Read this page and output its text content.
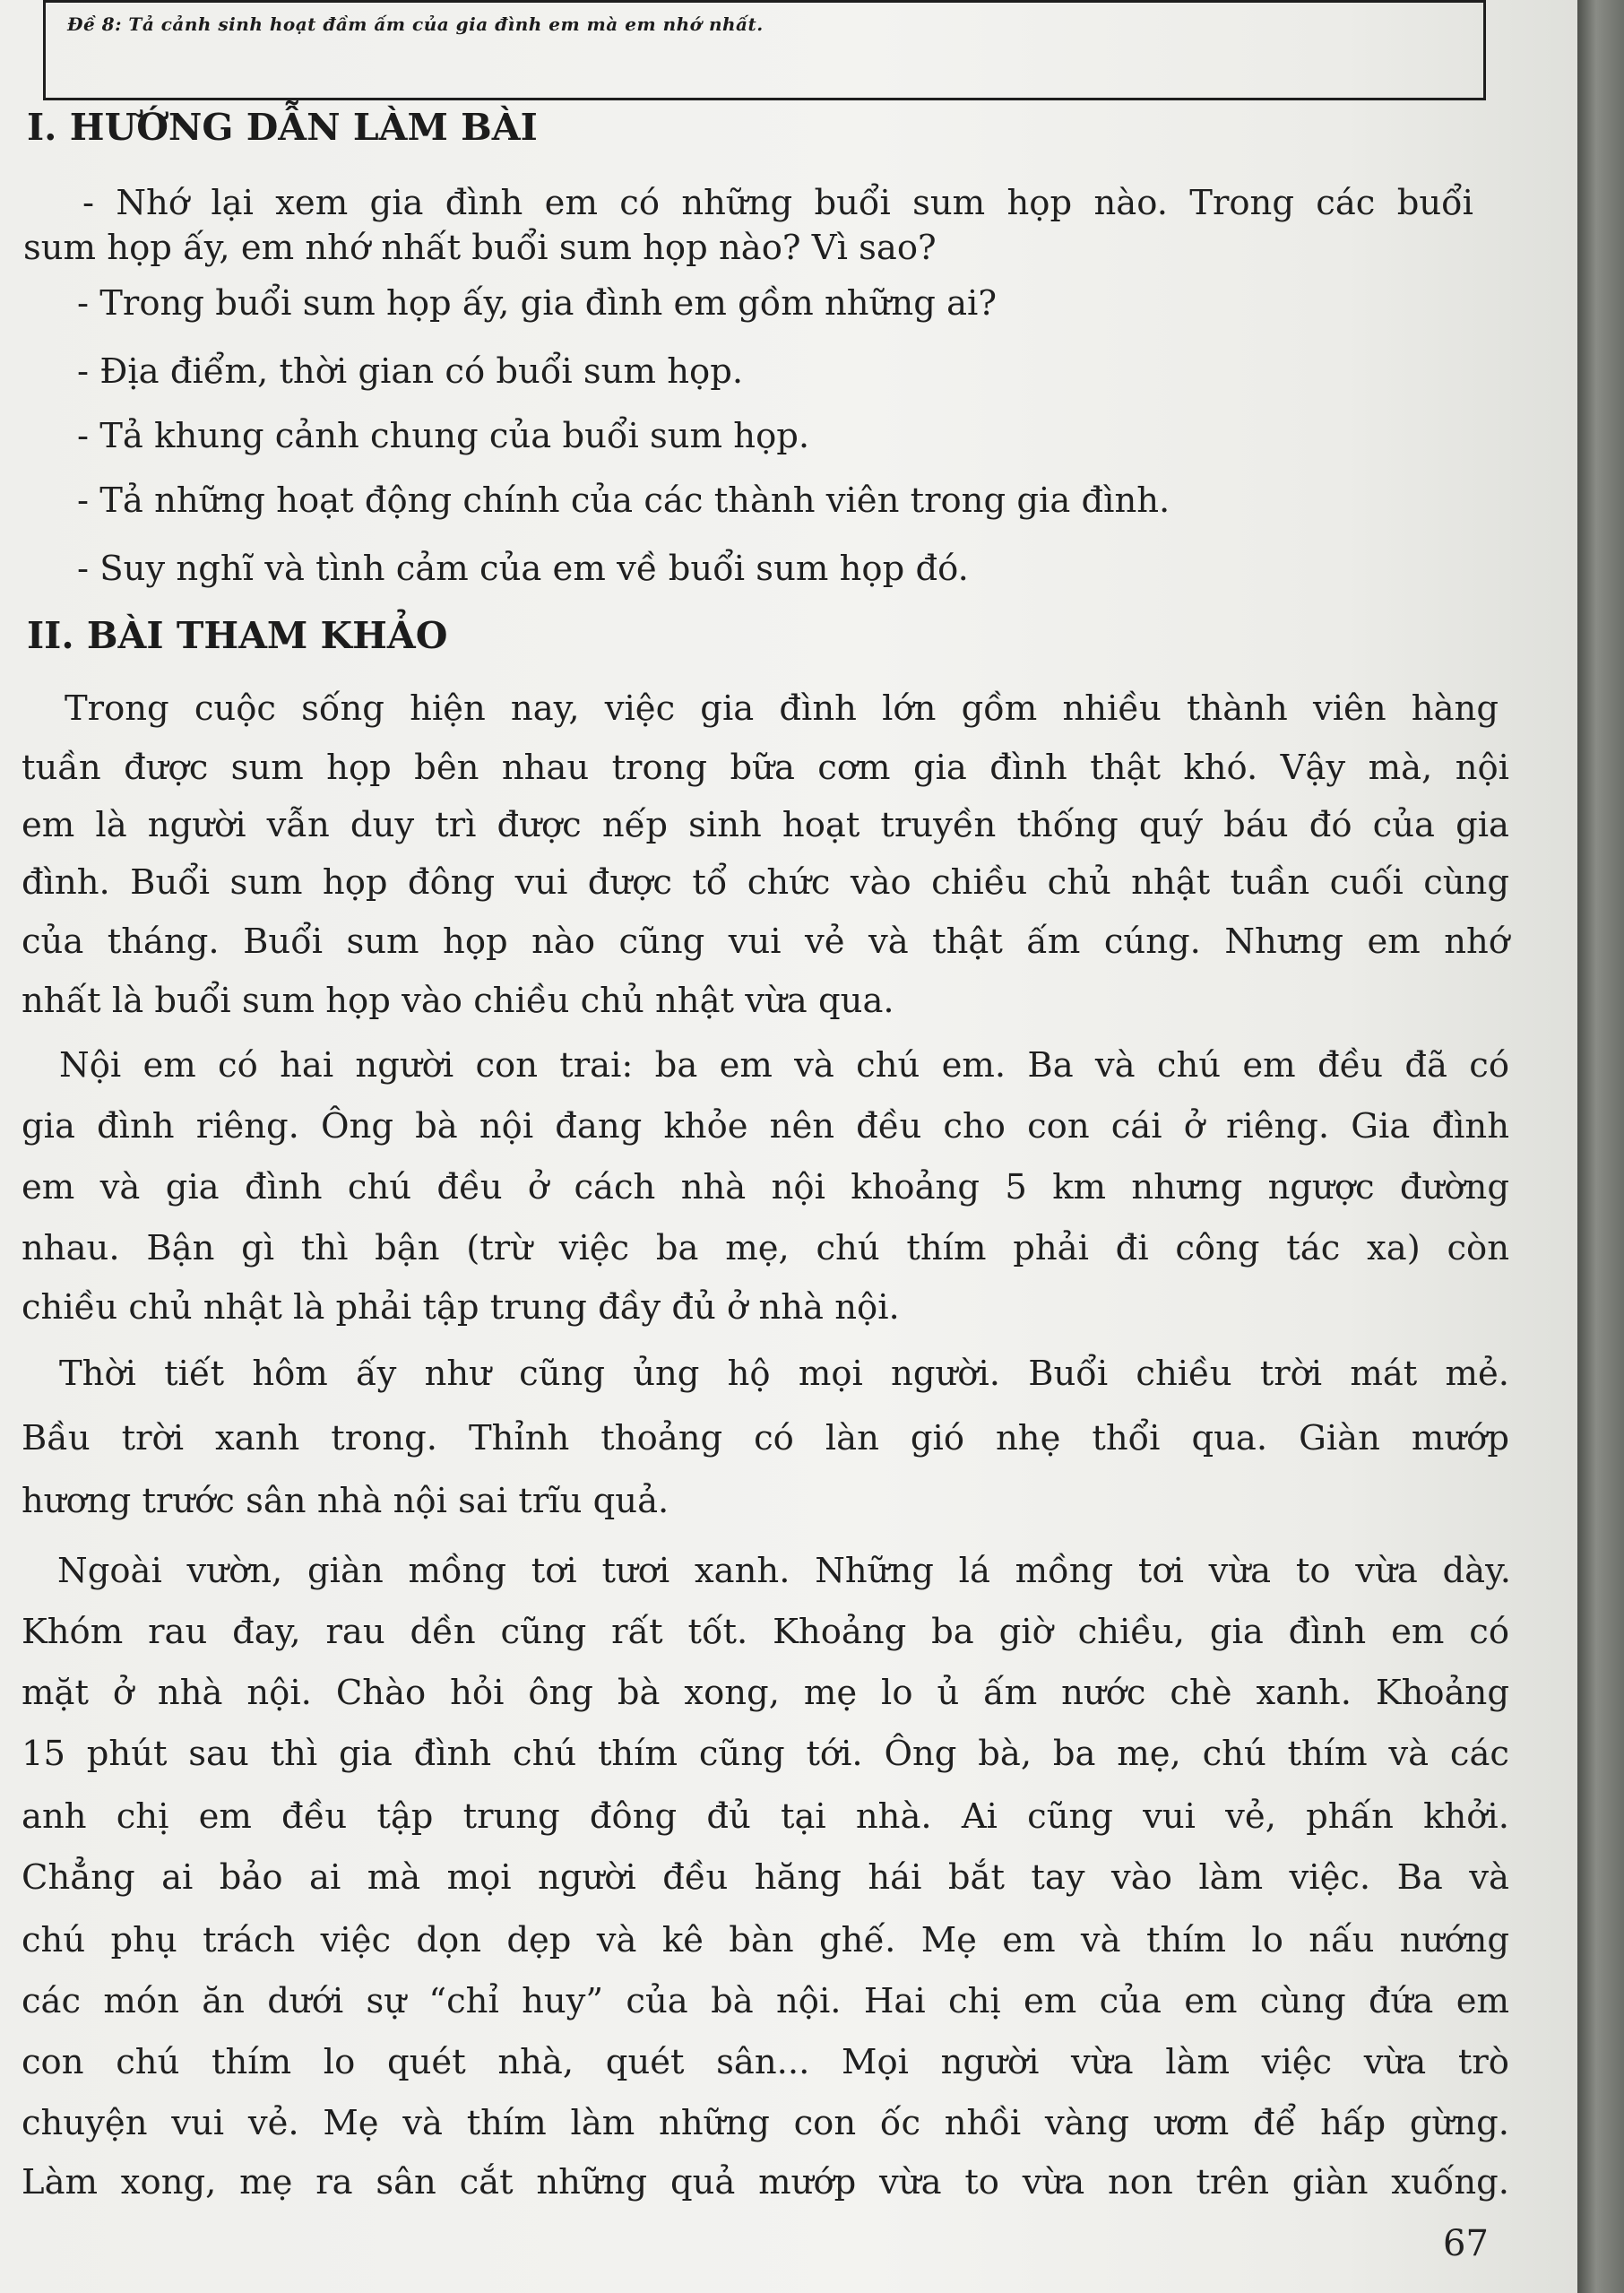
Đề 8: Tả cảnh sinh hoạt đầm ấm của gia đình em mà em nhớ nhất.
I. HƯỚNG DẪN LÀM BÀI
- Nhớ lại xem gia đình em có những buổi sum họp nào. Trong các buổi
sum họp ấy, em nhớ nhất buổi sum họp nào? Vì sao?
- Trong buổi sum họp ấy, gia đình em gồm những ai?
- Địa điểm, thời gian có buổi sum họp.
- Tả khung cảnh chung của buổi sum họp.
- Tả những hoạt động chính của các thành viên trong gia đình.
- Suy nghĩ và tình cảm của em về buổi sum họp đó.
II. BÀI THAM KHẢO
Trong cuộc sống hiện nay, việc gia đình lớn gồm nhiều thành viên hàng
tuần được sum họp bên nhau trong bữa cơm gia đình thật khó. Vậy mà, nội
em là người vẫn duy trì được nếp sinh hoạt truyền thống quý báu đó của gia
đình. Buổi sum họp đông vui được tổ chức vào chiều chủ nhật tuần cuối cùng
của tháng. Buổi sum họp nào cũng vui vẻ và thật ấm cúng. Nhưng em nhớ
nhất là buổi sum họp vào chiều chủ nhật vừa qua.
Nội em có hai người con trai: ba em và chú em. Ba và chú em đều đã có
gia đình riêng. Ông bà nội đang khỏe nên đều cho con cái ở riêng. Gia đình
em và gia đình chú đều ở cách nhà nội khoảng 5 km nhưng ngược đường
nhau. Bận gì thì bận (trừ việc ba mẹ, chú thím phải đi công tác xa) còn
chiều chủ nhật là phải tập trung đầy đủ ở nhà nội.
Thời tiết hôm ấy như cũng ủng hộ mọi người. Buổi chiều trời mát mẻ.
Bầu trời xanh trong. Thỉnh thoảng có làn gió nhẹ thổi qua. Giàn mướp
hương trước sân nhà nội sai trĩu quả.
Ngoài vườn, giàn mồng tơi tươi xanh. Những lá mồng tơi vừa to vừa dày.
Khóm rau đay, rau dền cũng rất tốt. Khoảng ba giờ chiều, gia đình em có
mặt ở nhà nội. Chào hỏi ông bà xong, mẹ lo ủ ấm nước chè xanh. Khoảng
15 phút sau thì gia đình chú thím cũng tới. Ông bà, ba mẹ, chú thím và các
anh chị em đều tập trung đông đủ tại nhà. Ai cũng vui vẻ, phấn khởi.
Chẳng ai bảo ai mà mọi người đều hăng hái bắt tay vào làm việc. Ba và
chú phụ trách việc dọn dẹp và kê bàn ghế. Mẹ em và thím lo nấu nướng
các món ăn dưới sự “chỉ huy” của bà nội. Hai chị em của em cùng đứa em
con chú thím lo quét nhà, quét sân... Mọi người vừa làm việc vừa trò
chuyện vui vẻ. Mẹ và thím làm những con ốc nhồi vàng ươm để hấp gừng.
Làm xong, mẹ ra sân cắt những quả mướp vừa to vừa non trên giàn xuống.
67
